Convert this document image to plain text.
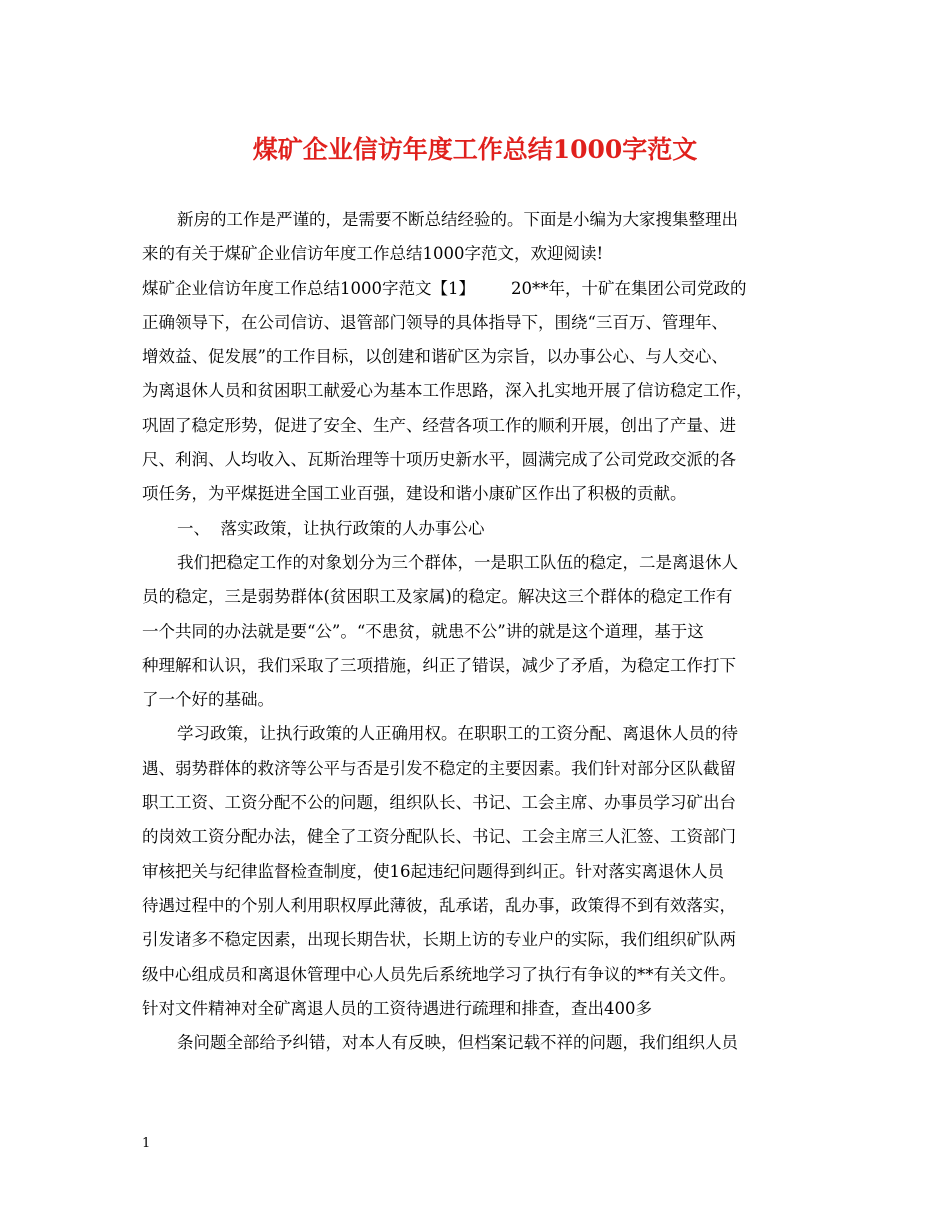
煤矿企业信访年度工作总结1000字范文
新房的工作是严谨的，是需要不断总结经验的。下面是小编为大家搜集整理出
来的有关于煤矿企业信访年度工作总结1000字范文，欢迎阅读!
煤矿企业信访年度工作总结1000字范文【1】 20**年，十矿在集团公司党政的
正确领导下，在公司信访、退管部门领导的具体指导下，围绕“三百万、管理年、
增效益、促发展”的工作目标，以创建和谐矿区为宗旨，以办事公心、与人交心、
为离退休人员和贫困职工献爱心为基本工作思路，深入扎实地开展了信访稳定工作，
巩固了稳定形势，促进了安全、生产、经营各项工作的顺利开展，创出了产量、进
尺、利润、人均收入、瓦斯治理等十项历史新水平，圆满完成了公司党政交派的各
项任务，为平煤挺进全国工业百强，建设和谐小康矿区作出了积极的贡献。
一、  落实政策，让执行政策的人办事公心
我们把稳定工作的对象划分为三个群体，一是职工队伍的稳定，二是离退休人
员的稳定，三是弱势群体(贫困职工及家属)的稳定。解决这三个群体的稳定工作有
一个共同的办法就是要“公”。“不患贫，就患不公”讲的就是这个道理，基于这
种理解和认识，我们采取了三项措施，纠正了错误，减少了矛盾，为稳定工作打下
了一个好的基础。
学习政策，让执行政策的人正确用权。在职职工的工资分配、离退休人员的待
遇、弱势群体的救济等公平与否是引发不稳定的主要因素。我们针对部分区队截留
职工工资、工资分配不公的问题，组织队长、书记、工会主席、办事员学习矿出台
的岗效工资分配办法，健全了工资分配队长、书记、工会主席三人汇签、工资部门
审核把关与纪律监督检查制度，使16起违纪问题得到纠正。针对落实离退休人员
待遇过程中的个别人利用职权厚此薄彼，乱承诺，乱办事，政策得不到有效落实，
引发诸多不稳定因素，出现长期告状，长期上访的专业户的实际，我们组织矿队两
级中心组成员和离退休管理中心人员先后系统地学习了执行有争议的**有关文件。
针对文件精神对全矿离退人员的工资待遇进行疏理和排查，查出400多
条问题全部给予纠错，对本人有反映，但档案记载不祥的问题，我们组织人员
1
